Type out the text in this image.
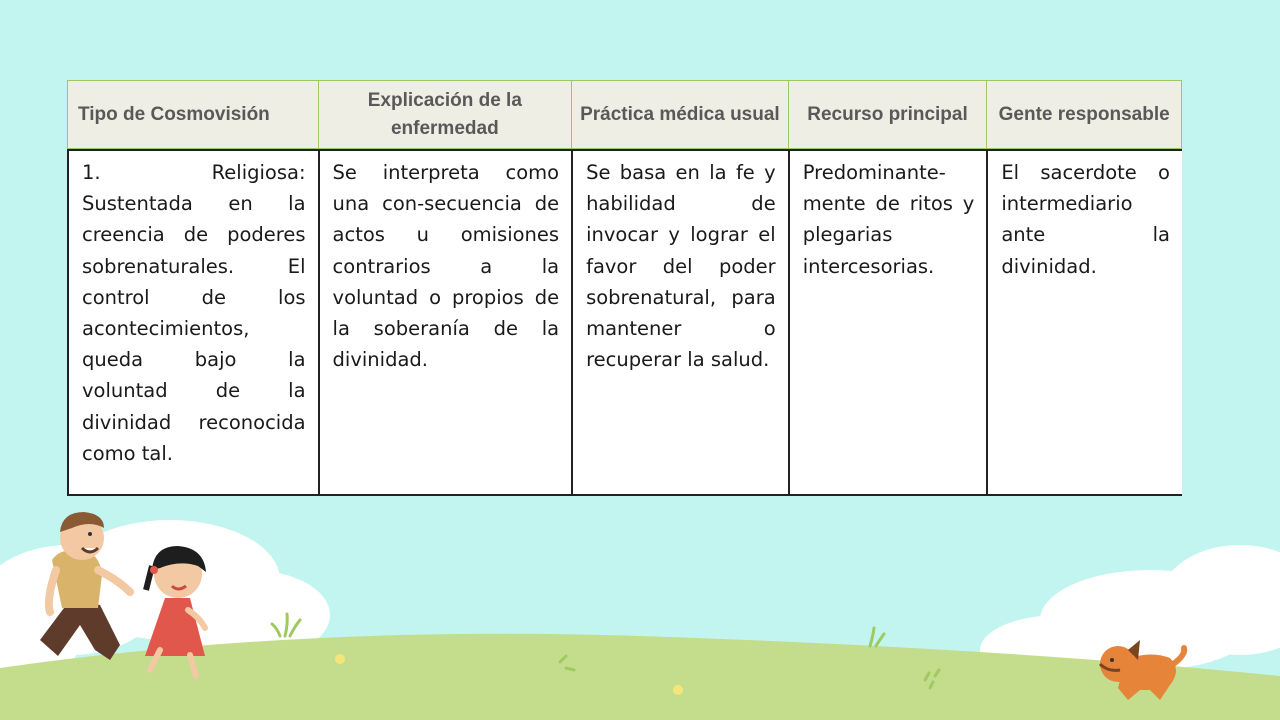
Tipo de Cosmovisión
Explicación de la enfermedad
Práctica médica usual	Recurso principal	Gente responsable

1. Religiosa: Sustentada en la creencia de poderes sobrenaturales. El control de los acontecimientos, queda bajo la voluntad de la divinidad reconocida como tal.

Se interpreta como una con-secuencia de actos u omisiones contrarios a la voluntad o propios de la soberanía de la divinidad.

Se basa en la fe y habilidad de invocar y lograr el favor del poder sobrenatural, para mantener o recuperar la salud.

Predominante-mente de ritos y plegarias intercesorias.

El sacerdote o intermediario ante la divinidad.
